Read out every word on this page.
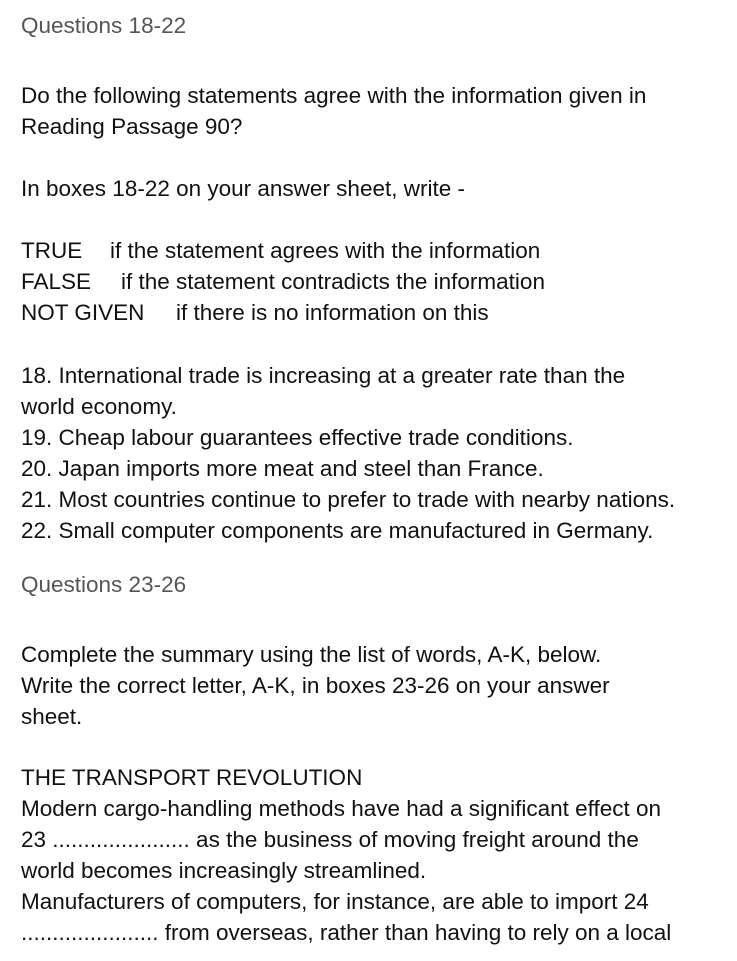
Questions 18-22
Do the following statements agree with the information given in
Reading Passage 90?
In boxes 18-22 on your answer sheet, write -
TRUE if the statement agrees with the information
FALSE if the statement contradicts the information
NOT GIVEN if there is no information on this
18. International trade is increasing at a greater rate than the
world economy.
19. Cheap labour guarantees effective trade conditions.
20. Japan imports more meat and steel than France.
21. Most countries continue to prefer to trade with nearby nations.
22. Small computer components are manufactured in Germany.
Questions 23-26
Complete the summary using the list of words, A-K, below.
Write the correct letter, A-K, in boxes 23-26 on your answer
sheet.
THE TRANSPORT REVOLUTION
Modern cargo-handling methods have had a significant effect on
23 ...................... as the business of moving freight around the
world becomes increasingly streamlined.
Manufacturers of computers, for instance, are able to import 24
...................... from overseas, rather than having to rely on a local
